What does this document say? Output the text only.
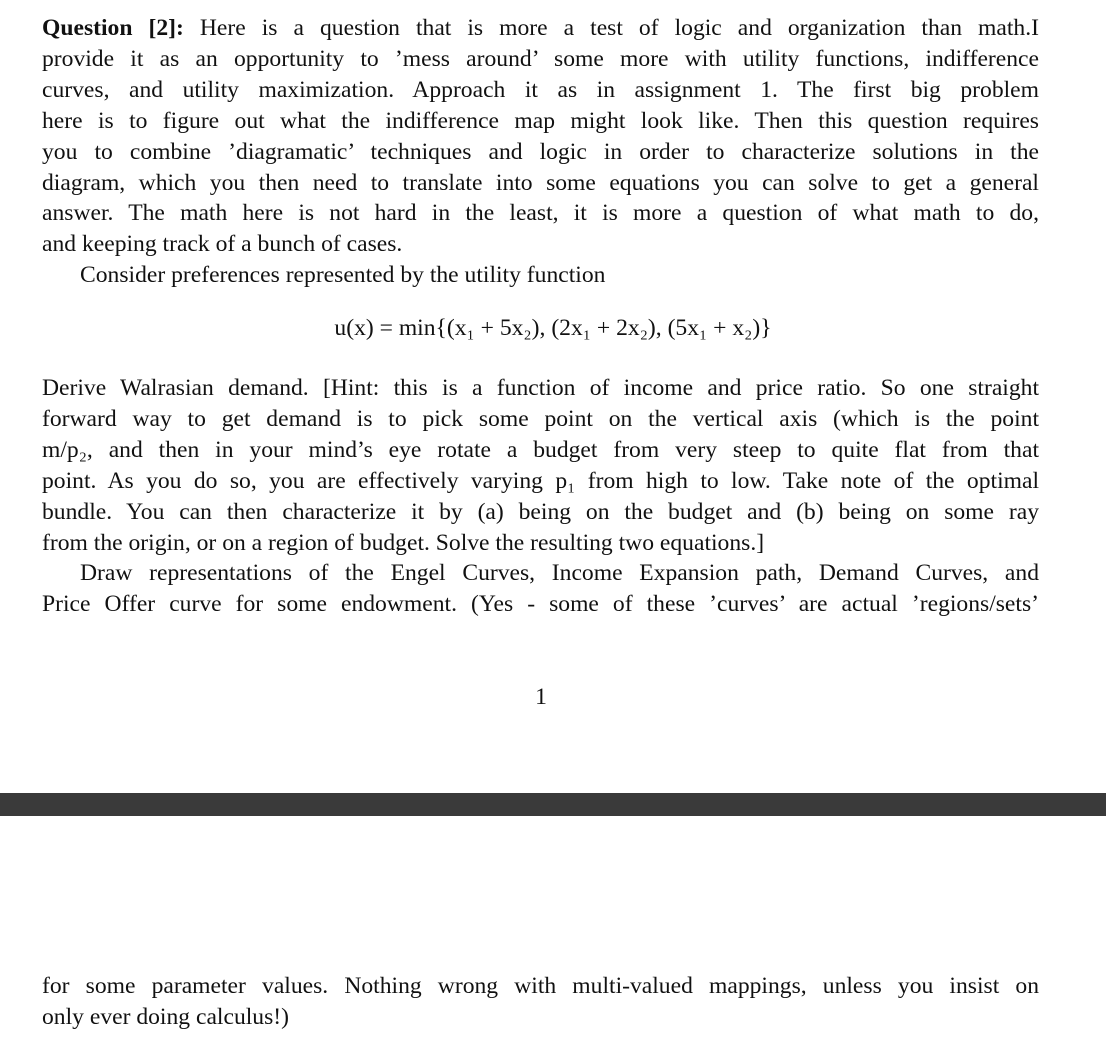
Question [2]: Here is a question that is more a test of logic and organization than math.I
provide it as an opportunity to ’mess around’ some more with utility functions, indifference
curves, and utility maximization. Approach it as in assignment 1. The first big problem
here is to figure out what the indifference map might look like. Then this question requires
you to combine ’diagramatic’ techniques and logic in order to characterize solutions in the
diagram, which you then need to translate into some equations you can solve to get a general
answer. The math here is not hard in the least, it is more a question of what math to do,
and keeping track of a bunch of cases.
Consider preferences represented by the utility function
u(x) = min{(x₁ + 5x₂), (2x₁ + 2x₂), (5x₁ + x₂)}
Derive Walrasian demand. [Hint: this is a function of income and price ratio. So one straight
forward way to get demand is to pick some point on the vertical axis (which is the point
m/p₂, and then in your mind’s eye rotate a budget from very steep to quite flat from that
point. As you do so, you are effectively varying p₁ from high to low. Take note of the optimal
bundle. You can then characterize it by (a) being on the budget and (b) being on some ray
from the origin, or on a region of budget. Solve the resulting two equations.]
Draw representations of the Engel Curves, Income Expansion path, Demand Curves, and
Price Offer curve for some endowment. (Yes - some of these ’curves’ are actual ’regions/sets’
1
for some parameter values. Nothing wrong with multi-valued mappings, unless you insist on
only ever doing calculus!)
